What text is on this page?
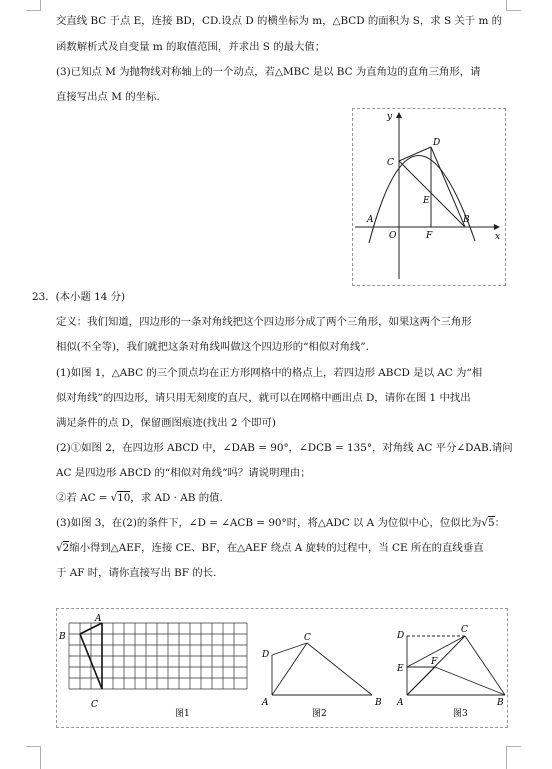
交直线 BC 于点 E，连接 BD，CD.设点 D 的横坐标为 m，△BCD 的面积为 S，求 S 关于 m 的
函数解析式及自变量 m 的取值范围，并求出 S 的最大值；
(3)已知点 M 为抛物线对称轴上的一个动点，若△MBC 是以 BC 为直角边的直角三角形，请
直接写出点 M 的坐标.
y
x
O
A	B
C
D
E
F
23．(本小题 14 分)
定义：我们知道，四边形的一条对角线把这个四边形分成了两个三角形，如果这两个三角形
相似(不全等)，我们就把这条对角线叫做这个四边形的“相似对角线”．
(1)如图 1，△ABC 的三个顶点均在正方形网格中的格点上，若四边形 ABCD 是以 AC 为“相
似对角线”的四边形，请只用无刻度的直尺，就可以在网格中画出点 D，请你在图 1 中找出
满足条件的点 D，保留画图痕迹(找出 2 个即可)
(2)①如图 2，在四边形 ABCD 中，∠DAB = 90°，∠DCB = 135°，对角线 AC 平分∠DAB.请问
AC 是四边形 ABCD 的“相似对角线”吗？请说明理由；
②若 AC = √10，求 AD · AB 的值.
(3)如图 3，在(2)的条件下，∠D = ∠ACB = 90°时，将△ADC 以 A 为位似中心，位似比为√5：
√2缩小得到△AEF，连接 CE、BF，在△AEF 绕点 A 旋转的过程中，当 CE 所在的直线垂直
于 AF 时，请你直接写出 BF 的长.
A
B
C
图1
A	B
C
D
图2
A	B
C
D
E
F
图3
